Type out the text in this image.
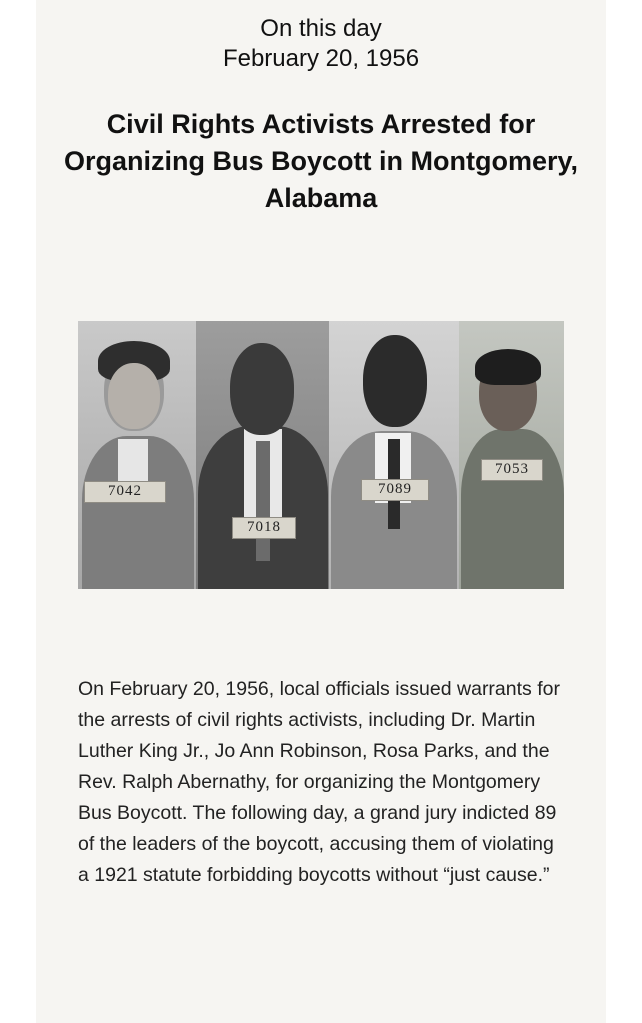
On this day
February 20, 1956
Civil Rights Activists Arrested for Organizing Bus Boycott in Montgomery, Alabama
7042
7018
7089
7053
On February 20, 1956, local officials issued warrants for the arrests of civil rights activists, including Dr. Martin Luther King Jr., Jo Ann Robinson, Rosa Parks, and the Rev. Ralph Abernathy, for organizing the Montgomery Bus Boycott. The following day, a grand jury indicted 89 of the leaders of the boycott, accusing them of violating a 1921 statute forbidding boycotts without “just cause.”
